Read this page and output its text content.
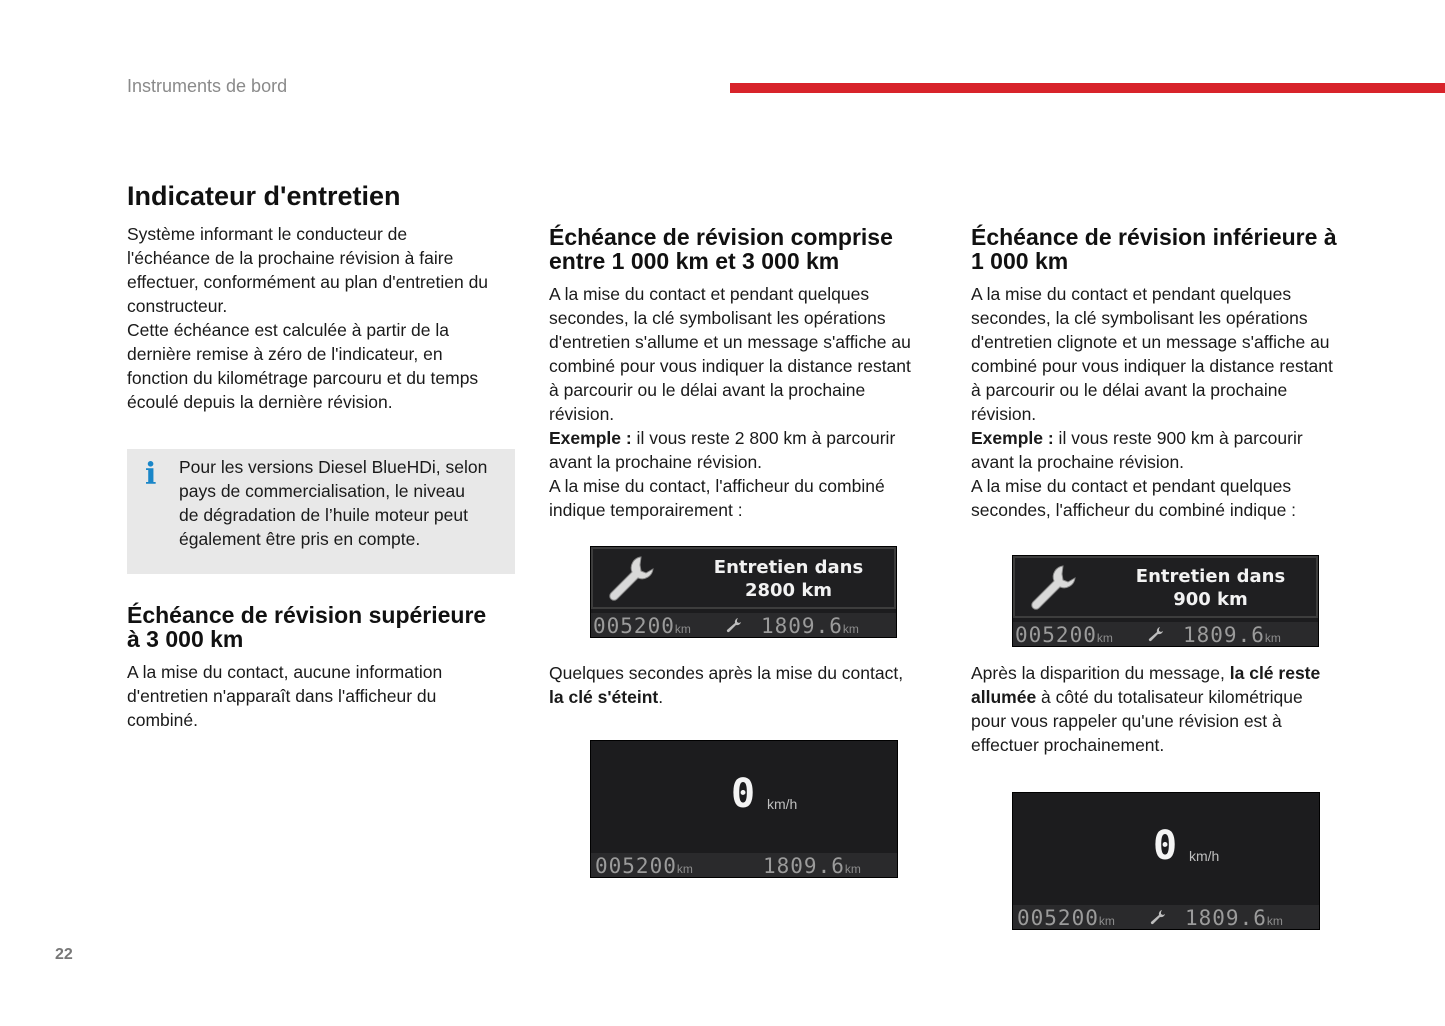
Instruments de bord
Indicateur d'entretien

Système informant le conducteur de

l'échéance de la prochaine révision à faire

effectuer, conformément au plan d'entretien du

constructeur.

Cette échéance est calculée à partir de la

dernière remise à zéro de l'indicateur, en

fonction du kilométrage parcouru et du temps

écoulé depuis la dernière révision.

i Pour les versions Diesel BlueHDi, selon
pays de commercialisation, le niveau
de dégradation de l’huile moteur peut
également être pris en compte.
Échéance de révision supérieure
à 3 000 km

A la mise du contact, aucune information

d'entretien n'apparaît dans l'afficheur du

combiné.

Échéance de révision comprise
entre 1 000 km et 3 000 km

A la mise du contact et pendant quelques

secondes, la clé symbolisant les opérations

d'entretien s'allume et un message s'affiche au

combiné pour vous indiquer la distance restant

à parcourir ou le délai avant la prochaine

révision.

Exemple : il vous reste 2 800 km à parcourir

avant la prochaine révision.

A la mise du contact, l'afficheur du combiné

indique temporairement :

Entretien dans
2800 km
005200km	1809.6km

Quelques secondes après la mise du contact,

la clé s'éteint.

0 km/h
005200km	1809.6km
Échéance de révision inférieure à
1 000 km

A la mise du contact et pendant quelques

secondes, la clé symbolisant les opérations

d'entretien clignote et un message s'affiche au

combiné pour vous indiquer la distance restant

à parcourir ou le délai avant la prochaine

révision.

Exemple : il vous reste 900 km à parcourir

avant la prochaine révision.

A la mise du contact et pendant quelques

secondes, l'afficheur du combiné indique :

Entretien dans
900 km
005200km	1809.6km

Après la disparition du message, la clé reste

allumée à côté du totalisateur kilométrique

pour vous rappeler qu'une révision est à

effectuer prochainement.

0 km/h
005200km	1809.6km
22
